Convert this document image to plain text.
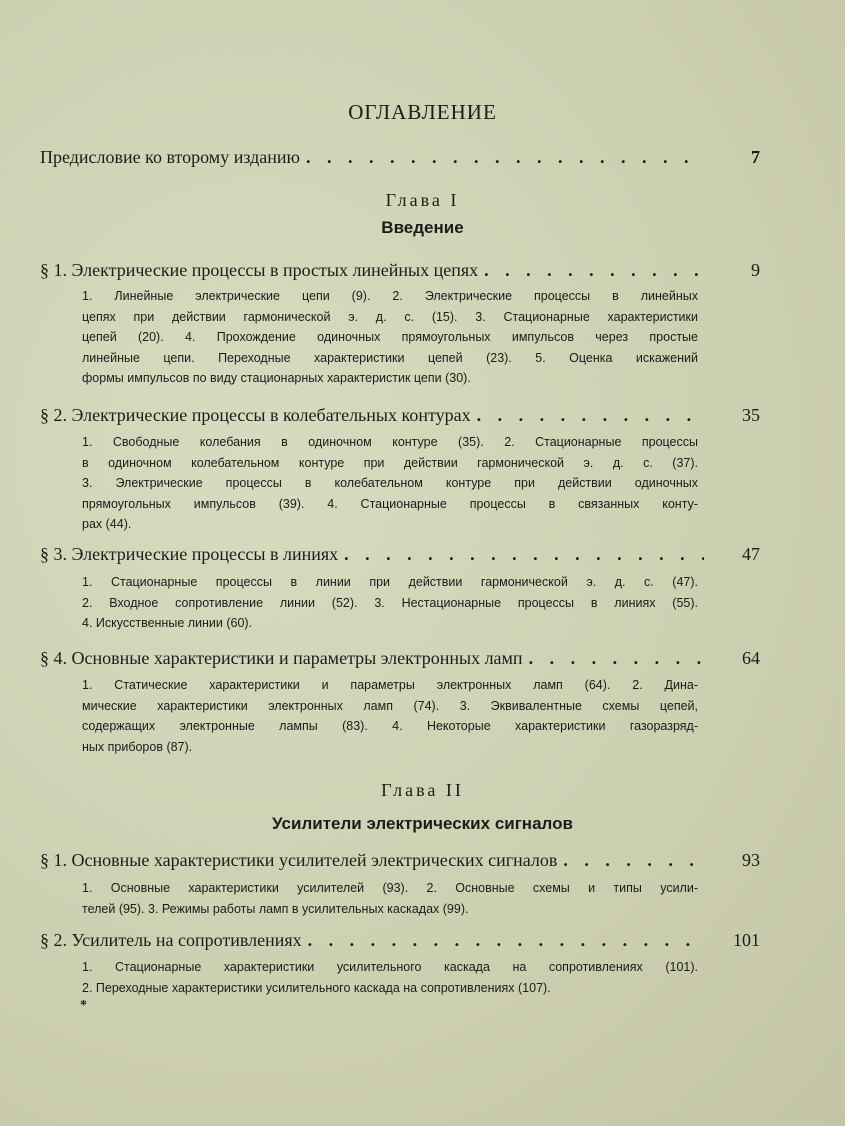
ОГЛАВЛЕНИЕ
Предисловие ко второму изданию . . .	7
Глава I
Введение
§ 1. Электрические процессы в простых линейных цепях . . .	9
1. Линейные электрические цепи (9). 2. Электрические процессы в линейных
цепях при действии гармонической э. д. с. (15). 3. Стационарные характеристики
цепей (20). 4. Прохождение одиночных прямоугольных импульсов через простые
линейные цепи. Переходные характеристики цепей (23). 5. Оценка искажений
формы импульсов по виду стационарных характеристик цепи (30).
§ 2. Электрические процессы в колебательных контурах . . .	35
1. Свободные колебания в одиночном контуре (35). 2. Стационарные процессы
в одиночном колебательном контуре при действии гармонической э. д. с. (37).
3. Электрические процессы в колебательном контуре при действии одиночных
прямоугольных импульсов (39). 4. Стационарные процессы в связанных конту-
рах (44).
§ 3. Электрические процессы в линиях . . .	47
1. Стационарные процессы в линии при действии гармонической э. д. с. (47).
2. Входное сопротивление линии (52). 3. Нестационарные процессы в линиях (55).
4. Искусственные линии (60).
§ 4. Основные характеристики и параметры электронных ламп . . .	64
1. Статические характеристики и параметры электронных ламп (64). 2. Дина-
мические характеристики электронных ламп (74). 3. Эквивалентные схемы цепей,
содержащих электронные лампы (83). 4. Некоторые характеристики газоразряд-
ных приборов (87).
Глава II
Усилители электрических сигналов
§ 1. Основные характеристики усилителей электрических сигналов . . .	93
1. Основные характеристики усилителей (93). 2. Основные схемы и типы усили-
телей (95). 3. Режимы работы ламп в усилительных каскадах (99).
§ 2. Усилитель на сопротивлениях . . .	101
1. Стационарные характеристики усилительного каскада на сопротивлениях (101).
2. Переходные характеристики усилительного каскада на сопротивлениях (107).
*
